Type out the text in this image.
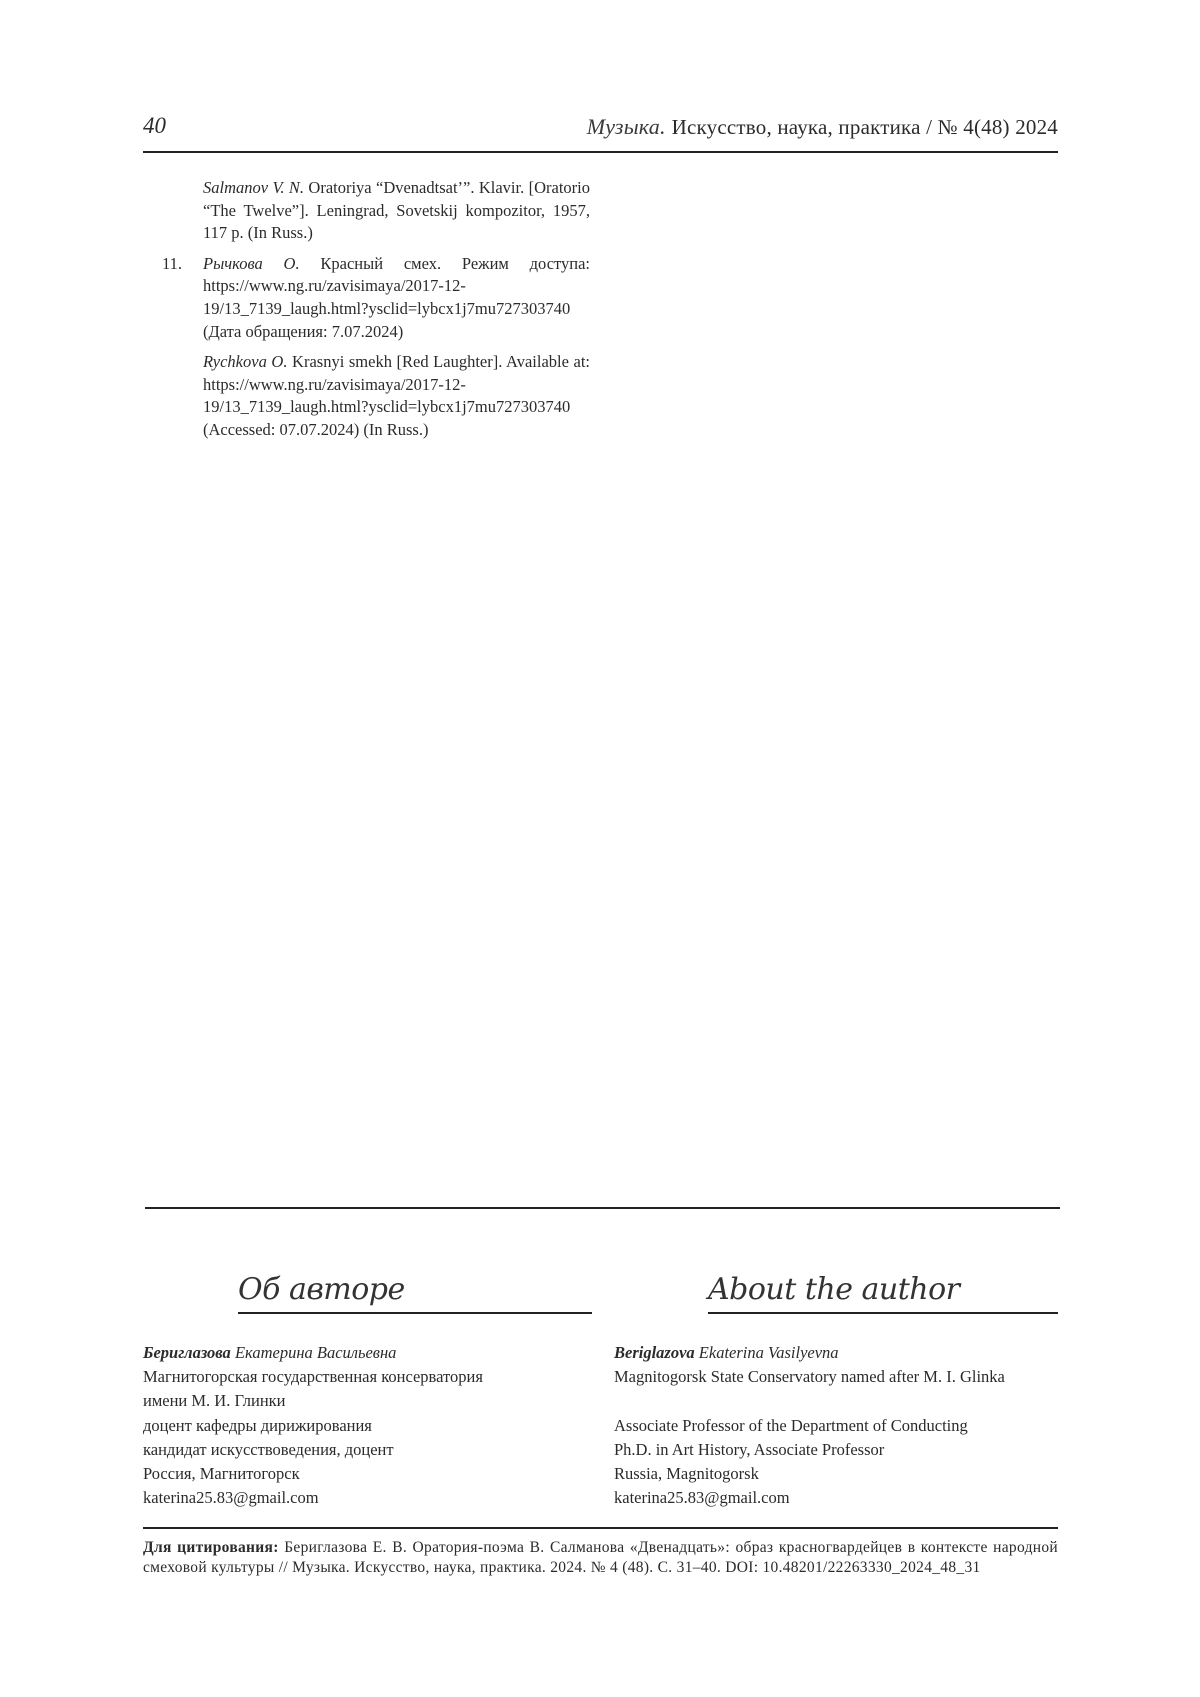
40	Музыка. Искусство, наука, практика / № 4(48) 2024

Salmanov V. N. Oratoriya “Dvenadtsat’”. Klavir. [Oratorio “The Twelve”]. Leningrad, Sovetskij kompozitor, 1957, 117 p. (In Russ.)

11. Рычкова О. Красный смех. Режим доступа: https://www.ng.ru/zavisimaya/2017-12-19/13_7139_laugh.html?ysclid=lybcx1j7mu727303740 (Дата обращения: 7.07.2024)

Rychkova O. Krasnyi smekh [Red Laughter]. Available at: https://www.ng.ru/zavisimaya/2017-12-19/13_7139_laugh.html?ysclid=lybcx1j7mu727303740 (Accessed: 07.07.2024) (In Russ.)

Об авторе	About the author
Бериглазова Екатерина Васильевна
Магнитогорская государственная консерватория
имени М. И. Глинки
доцент кафедры дирижирования
кандидат искусствоведения, доцент
Россия, Магнитогорск
katerina25.83@gmail.com
Beriglazova Ekaterina Vasilyevna
Magnitogorsk State Conservatory named after M. I. Glinka
Associate Professor of the Department of Conducting
Ph.D. in Art History, Associate Professor
Russia, Magnitogorsk
katerina25.83@gmail.com
Для цитирования: Бериглазова Е. В. Оратория-поэма В. Салманова «Двенадцать»: образ красногвардейцев в контексте народной смеховой культуры // Музыка. Искусство, наука, практика. 2024. № 4 (48). С. 31–40. DOI: 10.48201/22263330_2024_48_31
